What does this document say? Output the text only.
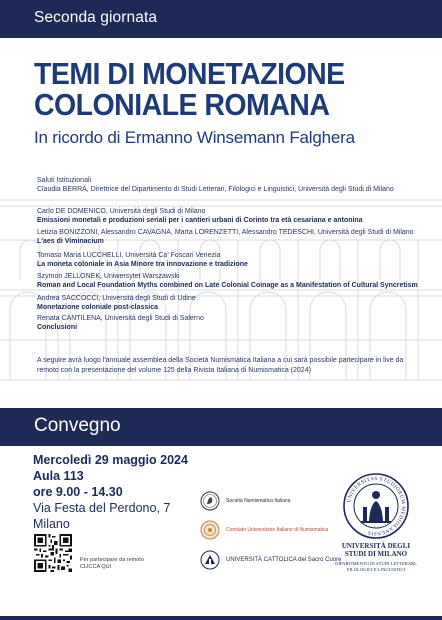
Seconda giornata
TEMI DI MONETAZIONE
COLONIALE ROMANA
In ricordo di Ermanno Winsemann Falghera
Saluti Istituzionali
Claudia BERRA, Direttrice del Dipartimento di Studi Letterari, Filologici e Linguistici, Università degli Studi di Milano
Carlo DE DOMENICO, Università degli Studi di Milano
Emissioni monetali e produzioni seriali per i cantieri urbani di Corinto tra età cesariana e antonina
Letizia BONIZZONI, Alessandro CAVAGNA, Marta LORENZETTI, Alessandro TEDESCHI, Università degli Studi di Milano
L'aes di Viminacium
Tomaso Maria LUCCHELLI, Università Ca' Foscari Venezia
La moneta coloniale in Asia Minore tra innovazione e tradizione
Szymon JELLONEK, Uniwersytet Warszawski
Roman and Local Foundation Myths combined on Late Colonial Coinage as a Manifestation of Cultural Syncretism
Andrea SACCOCCI, Università degli Studi di Udine
Monetazione coloniale post-classica
Renata CANTILENA, Università degli Studi di Salerno
Conclusioni
A seguire avrà luogo l'annuale assemblea della Società Numismatica Italiana a cui sarà possibile partecipare in live da remoto con la presentazione del volume 125 della Rivista Italiana di Numismatica (2024)
Convegno
Mercoledì 29 maggio 2024
Aula 113
ore 9.00 - 14.30
Via Festa del Perdono, 7
Milano
Per partecipare da remoto
CLICCA QUI
Società Numismatica Italiana
Comitato Universitario Italiano di Numismatica
UNIVERSITÀ CATTOLICA del Sacro Cuore
UNIVERSITAS STUDIORUM MEDIOLANENSIS
UNIVERSITÀ DEGLI
STUDI DI MILANO
DIPARTIMENTO DI STUDI LETTERARI,
FILOLOGICI E LINGUISTICI
